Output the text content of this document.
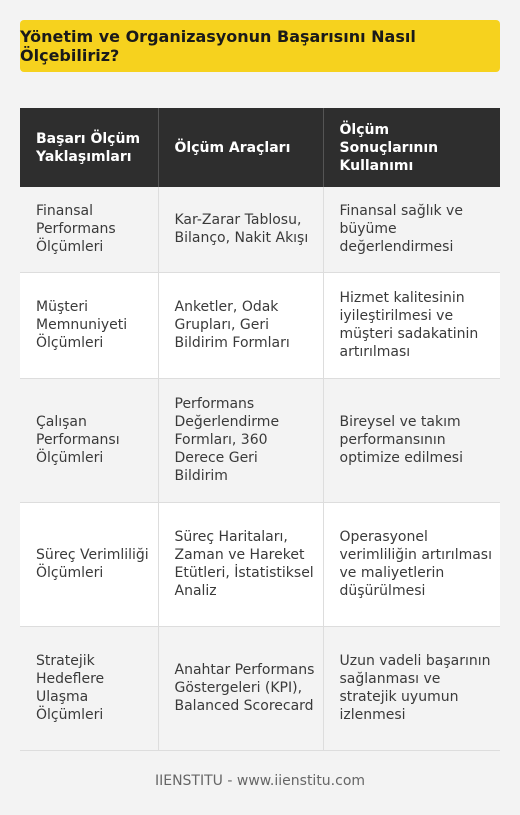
Yönetim ve Organizasyonun Başarısını Nasıl Ölçebiliriz?
Başarı Ölçüm Yaklaşımları	Ölçüm Araçları	Ölçüm Sonuçlarının Kullanımı
Finansal Performans Ölçümleri	Kar-Zarar Tablosu, Bilanço, Nakit Akışı	Finansal sağlık ve büyüme değerlendirmesi
Müşteri Memnuniyeti Ölçümleri	Anketler, Odak Grupları, Geri Bildirim Formları	Hizmet kalitesinin iyileştirilmesi ve müşteri sadakatinin artırılması
Çalışan Performansı Ölçümleri	Performans Değerlendirme Formları, 360 Derece Geri Bildirim	Bireysel ve takım performansının optimize edilmesi
Süreç Verimliliği Ölçümleri	Süreç Haritaları, Zaman ve Hareket Etütleri, İstatistiksel Analiz	Operasyonel verimliliğin artırılması ve maliyetlerin düşürülmesi
Stratejik Hedeflere Ulaşma Ölçümleri	Anahtar Performans Göstergeleri (KPI), Balanced Scorecard	Uzun vadeli başarının sağlanması ve stratejik uyumun izlenmesi
IIENSTITU - www.iienstitu.com
